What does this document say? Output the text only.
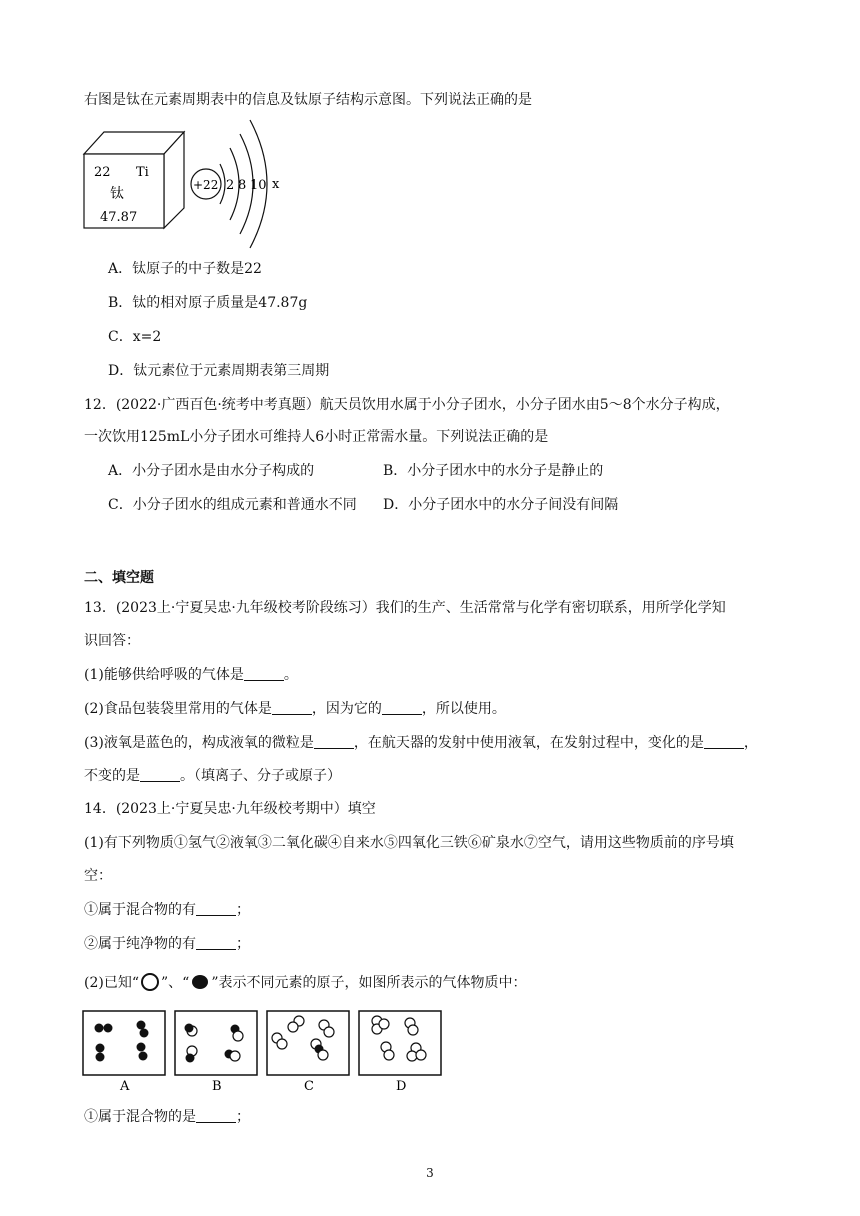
右图是钛在元素周期表中的信息及钛原子结构示意图。下列说法正确的是
22 Ti
钛
47.87
+22 2 8 10 x
A．钛原子的中子数是22
B．钛的相对原子质量是47.87g
C．x=2
D．钛元素位于元素周期表第三周期
12．(2022·广西百色·统考中考真题）航天员饮用水属于小分子团水，小分子团水由5～8个水分子构成，
一次饮用125mL小分子团水可维持人6小时正常需水量。下列说法正确的是
A．小分子团水是由水分子构成的	B．小分子团水中的水分子是静止的
C．小分子团水的组成元素和普通水不同 D．小分子团水中的水分子间没有间隔
二、填空题
13．(2023上·宁夏吴忠·九年级校考阶段练习）我们的生产、生活常常与化学有密切联系，用所学化学知
识回答：
(1)能够供给呼吸的气体是	。
(2)食品包装袋里常用的气体是	，因为它的	，所以使用。
(3)液氧是蓝色的，构成液氧的微粒是	，在航天器的发射中使用液氧，在发射过程中，变化的是	，
不变的是	。（填离子、分子或原子）
14．(2023上·宁夏吴忠·九年级校考期中）填空
(1)有下列物质①氢气②液氧③二氧化碳④自来水⑤四氧化三铁⑥矿泉水⑦空气，请用这些物质前的序号填
空：
①属于混合物的有	；
②属于纯净物的有	；
(2)已知“ ”、“ ”表示不同元素的原子，如图所表示的气体物质中：
A	B	C	D
①属于混合物的是	；
3
